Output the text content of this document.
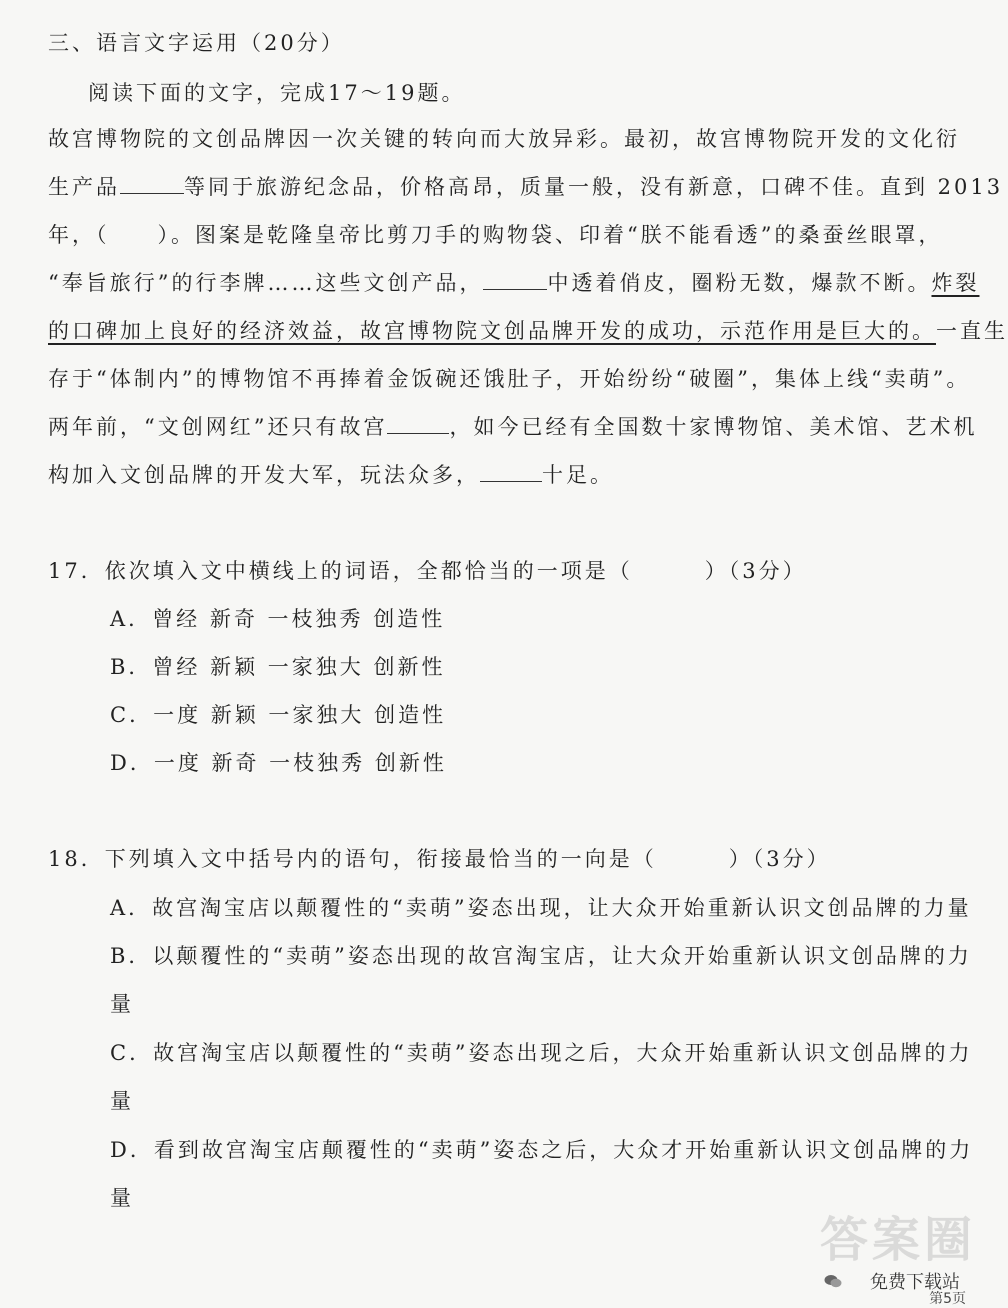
三、语言文字运用（20分）
阅读下面的文字，完成17～19题。
故宫博物院的文创品牌因一次关键的转向而大放异彩。最初，故宫博物院开发的文化衍
生产品	等同于旅游纪念品，价格高昂，质量一般，没有新意，口碑不佳。直到 2013
年，（　　）。图案是乾隆皇帝比剪刀手的购物袋、印着“朕不能看透”的桑蚕丝眼罩，
“奉旨旅行”的行李牌……这些文创产品，	中透着俏皮，圈粉无数，爆款不断。炸裂
的口碑加上良好的经济效益，故宫博物院文创品牌开发的成功，示范作用是巨大的。一直生
存于“体制内”的博物馆不再捧着金饭碗还饿肚子，开始纷纷“破圈”，集体上线“卖萌”。
两年前，“文创网红”还只有故宫	，如今已经有全国数十家博物馆、美术馆、艺术机
构加入文创品牌的开发大军，玩法众多，	十足。
17．依次填入文中横线上的词语，全都恰当的一项是（　　　）（3分）
A．曾经 新奇 一枝独秀 创造性
B．曾经 新颖 一家独大 创新性
C．一度 新颖 一家独大 创造性
D．一度 新奇 一枝独秀 创新性
18．下列填入文中括号内的语句，衔接最恰当的一向是（　　　）（3分）
A．故宫淘宝店以颠覆性的“卖萌”姿态出现，让大众开始重新认识文创品牌的力量
B．以颠覆性的“卖萌”姿态出现的故宫淘宝店，让大众开始重新认识文创品牌的力
量
C．故宫淘宝店以颠覆性的“卖萌”姿态出现之后，大众开始重新认识文创品牌的力
量
D．看到故宫淘宝店颠覆性的“卖萌”姿态之后，大众才开始重新认识文创品牌的力
量
答案圈
免费下载站
第5页
